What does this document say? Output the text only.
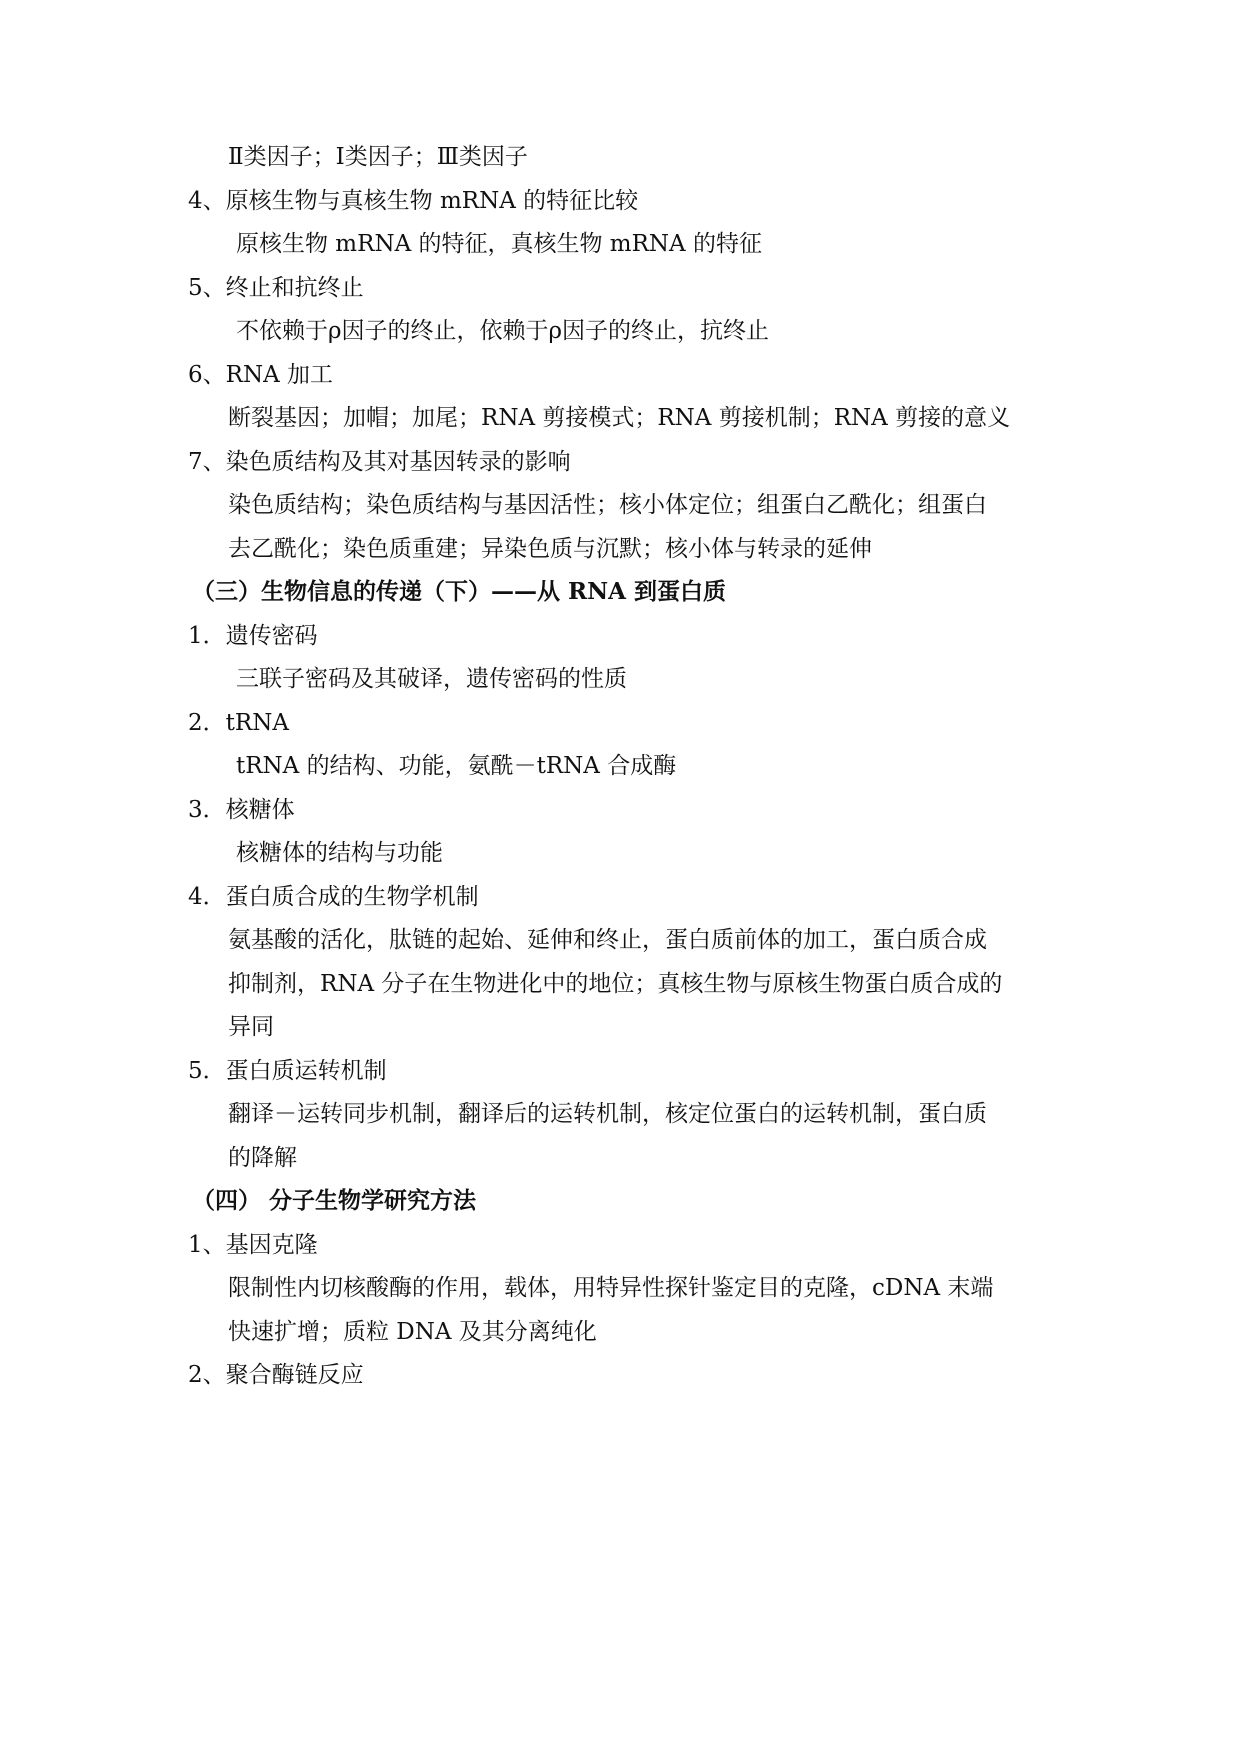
Ⅱ类因子；Ⅰ类因子；Ⅲ类因子
4、原核生物与真核生物 mRNA 的特征比较
原核生物 mRNA 的特征，真核生物 mRNA 的特征
5、终止和抗终止
不依赖于ρ因子的终止，依赖于ρ因子的终止，抗终止
6、RNA 加工
断裂基因；加帽；加尾；RNA 剪接模式；RNA 剪接机制；RNA 剪接的意义
7、染色质结构及其对基因转录的影响
染色质结构；染色质结构与基因活性；核小体定位；组蛋白乙酰化；组蛋白
去乙酰化；染色质重建；异染色质与沉默；核小体与转录的延伸
（三）生物信息的传递（下）——从 RNA 到蛋白质
1．遗传密码
三联子密码及其破译，遗传密码的性质
2．tRNA
tRNA 的结构、功能，氨酰－tRNA 合成酶
3．核糖体
核糖体的结构与功能
4．蛋白质合成的生物学机制
氨基酸的活化，肽链的起始、延伸和终止，蛋白质前体的加工，蛋白质合成
抑制剂，RNA 分子在生物进化中的地位；真核生物与原核生物蛋白质合成的
异同
5．蛋白质运转机制
翻译－运转同步机制，翻译后的运转机制，核定位蛋白的运转机制，蛋白质
的降解
（四） 分子生物学研究方法
1、基因克隆
限制性内切核酸酶的作用，载体，用特异性探针鉴定目的克隆，cDNA 末端
快速扩增；质粒 DNA 及其分离纯化
2、聚合酶链反应
